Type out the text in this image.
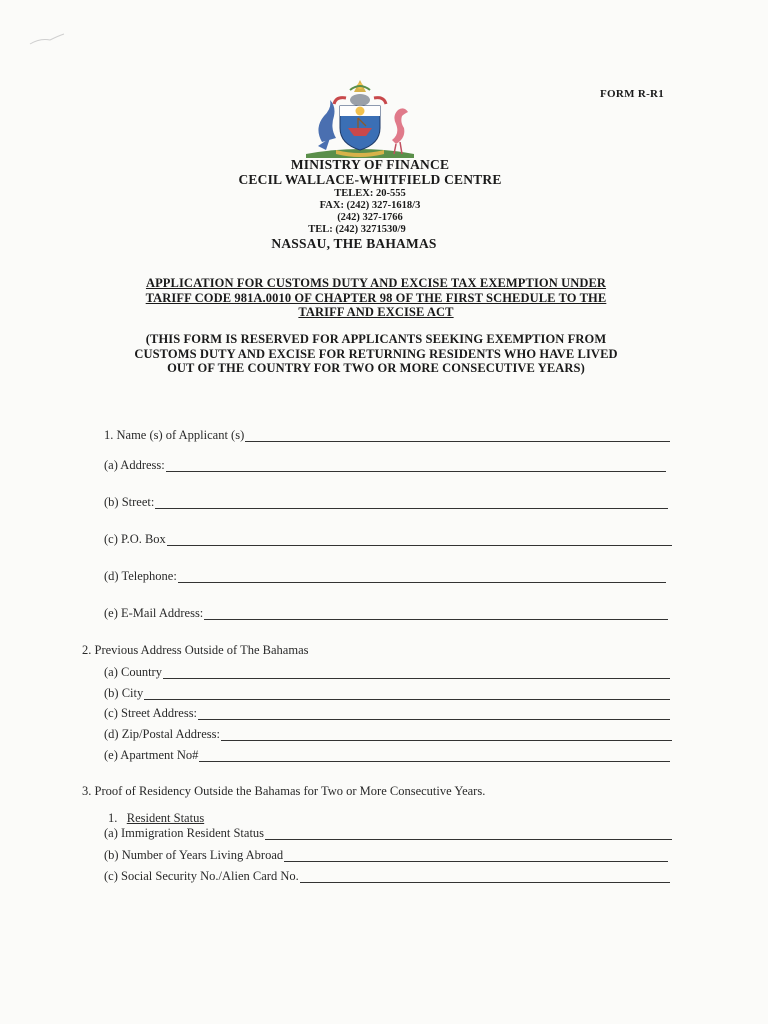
FORM R-R1
MINISTRY OF FINANCE
CECIL WALLACE-WHITFIELD CENTRE
TELEX: 20-555
FAX: (242) 327-1618/3
(242) 327-1766
TEL: (242) 3271530/9
NASSAU, THE BAHAMAS
APPLICATION FOR CUSTOMS DUTY AND EXCISE TAX EXEMPTION UNDER
TARIFF CODE 981A.0010 OF CHAPTER 98 OF THE FIRST SCHEDULE TO THE
TARIFF AND EXCISE ACT
(THIS FORM IS RESERVED FOR APPLICANTS SEEKING EXEMPTION FROM
CUSTOMS DUTY AND EXCISE FOR RETURNING RESIDENTS WHO HAVE LIVED
OUT OF THE COUNTRY FOR TWO OR MORE CONSECUTIVE YEARS)
1. Name (s) of Applicant (s)
(a) Address:
(b) Street:
(c) P.O. Box
(d) Telephone:
(e) E-Mail Address:
2. Previous Address Outside of The Bahamas
(a) Country
(b) City
(c) Street Address:
(d) Zip/Postal Address:
(e) Apartment No#
3. Proof of Residency Outside the Bahamas for Two or More Consecutive Years.
1. Resident Status
(a) Immigration Resident Status
(b) Number of Years Living Abroad
(c) Social Security No./Alien Card No.
